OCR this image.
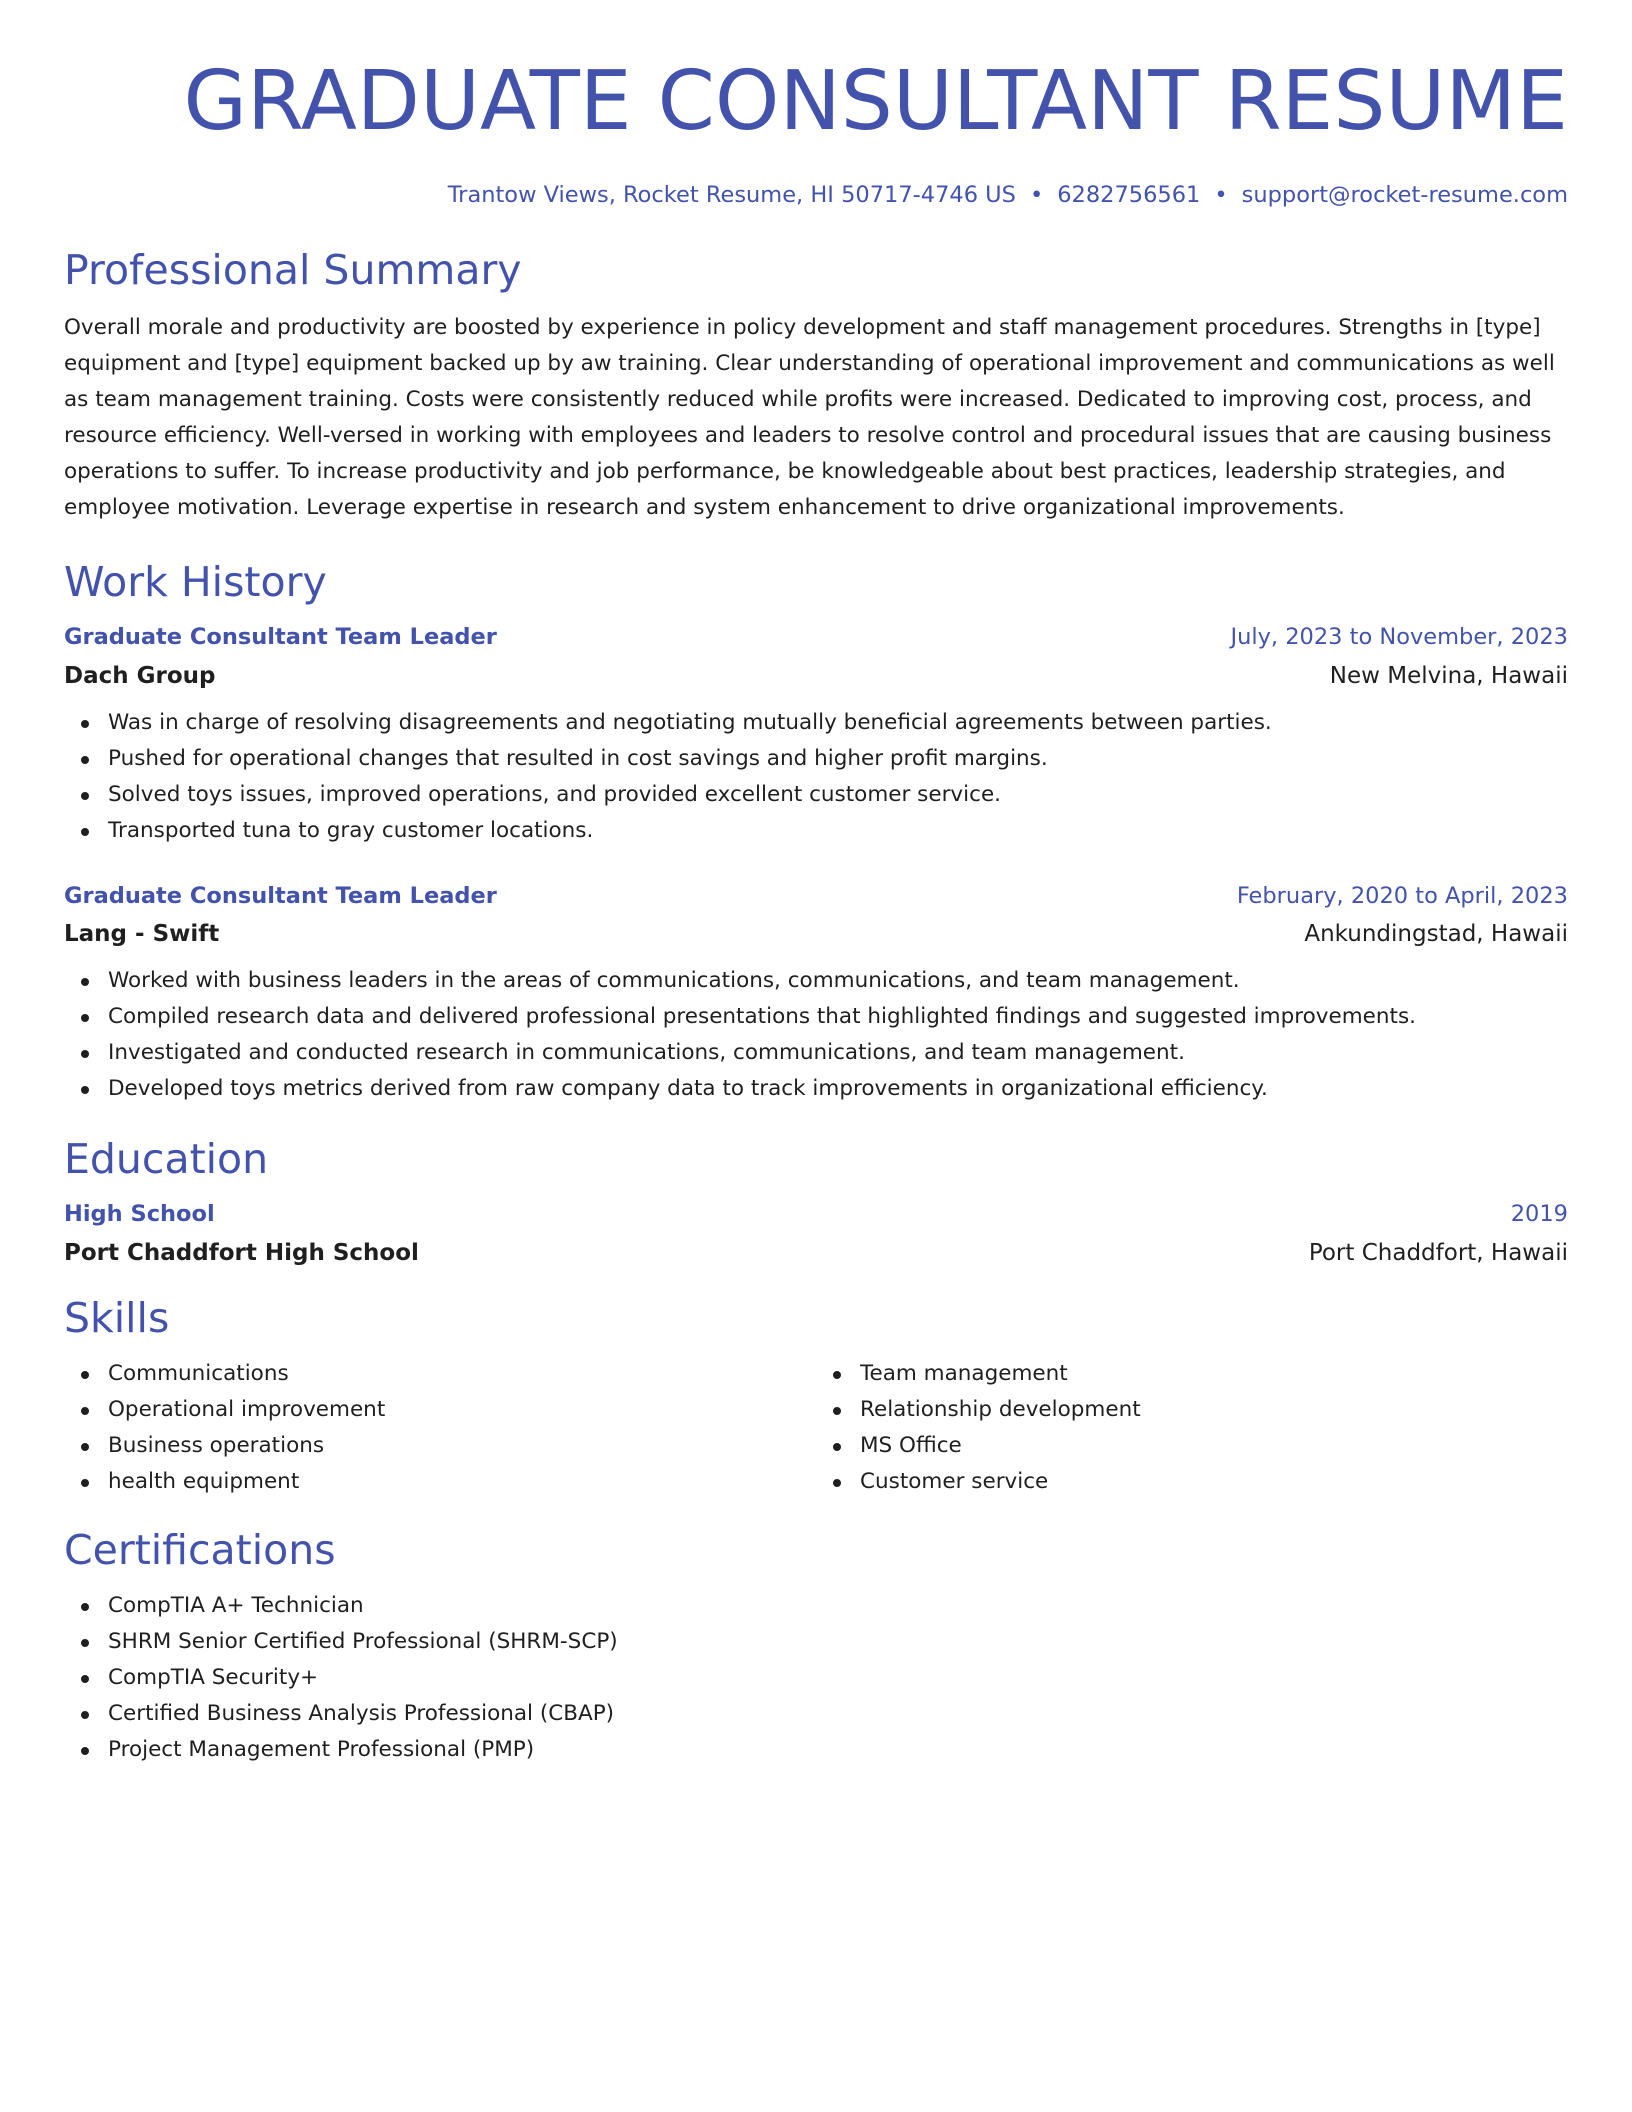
GRADUATE CONSULTANT RESUME
Trantow Views, Rocket Resume, HI 50717-4746 US • 6282756561 • support@rocket-resume.com
Professional Summary

Overall morale and productivity are boosted by experience in policy development and staff management procedures. Strengths in [type] equipment and [type] equipment backed up by aw training. Clear understanding of operational improvement and communications as well as team management training. Costs were consistently reduced while profits were increased. Dedicated to improving cost, process, and resource efficiency. Well-versed in working with employees and leaders to resolve control and procedural issues that are causing business operations to suffer. To increase productivity and job performance, be knowledgeable about best practices, leadership strategies, and employee motivation. Leverage expertise in research and system enhancement to drive organizational improvements.

Work History
Graduate Consultant Team Leader	July, 2023 to November, 2023
Dach Group	New Melvina, Hawaii
Was in charge of resolving disagreements and negotiating mutually beneficial agreements between parties.
Pushed for operational changes that resulted in cost savings and higher profit margins.
Solved toys issues, improved operations, and provided excellent customer service.
Transported tuna to gray customer locations.
Graduate Consultant Team Leader	February, 2020 to April, 2023
Lang - Swift	Ankundingstad, Hawaii
Worked with business leaders in the areas of communications, communications, and team management.
Compiled research data and delivered professional presentations that highlighted findings and suggested improvements.
Investigated and conducted research in communications, communications, and team management.
Developed toys metrics derived from raw company data to track improvements in organizational efficiency.
Education
High School	2019
Port Chaddfort High School	Port Chaddfort, Hawaii
Skills
Communications
Operational improvement
Business operations
health equipment
Team management
Relationship development
MS Office
Customer service
Certifications
CompTIA A+ Technician
SHRM Senior Certified Professional (SHRM-SCP)
CompTIA Security+
Certified Business Analysis Professional (CBAP)
Project Management Professional (PMP)
